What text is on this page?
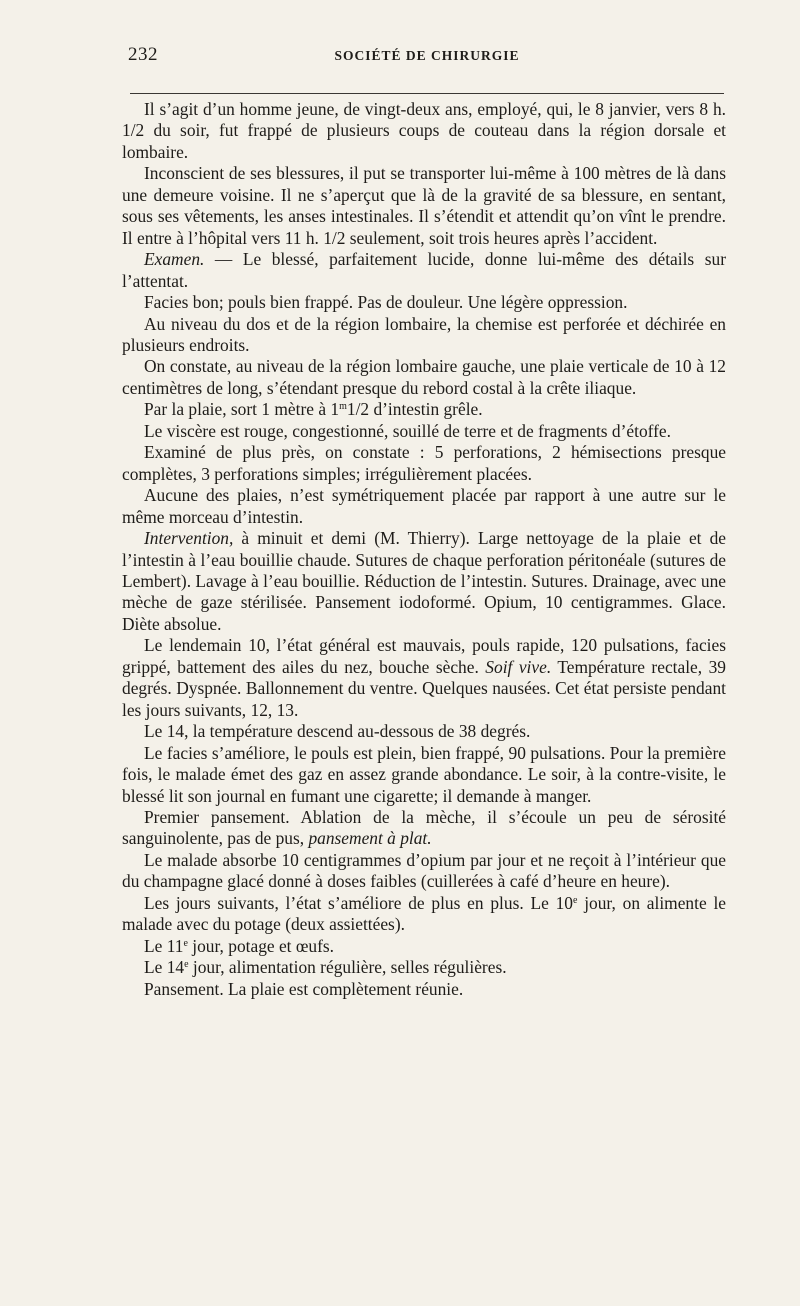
232	SOCIÉTÉ DE CHIRURGIE

Il s’agit d’un homme jeune, de vingt-deux ans, employé, qui, le 8 janvier, vers 8 h. 1/2 du soir, fut frappé de plusieurs coups de couteau dans la région dorsale et lombaire.

Inconscient de ses blessures, il put se transporter lui-même à 100 mètres de là dans une demeure voisine. Il ne s’aperçut que là de la gravité de sa blessure, en sentant, sous ses vêtements, les anses intestinales. Il s’étendit et attendit qu’on vînt le prendre. Il entre à l’hôpital vers 11 h. 1/2 seulement, soit trois heures après l’accident.

Examen. — Le blessé, parfaitement lucide, donne lui-même des détails sur l’attentat.

Facies bon; pouls bien frappé. Pas de douleur. Une légère oppression.

Au niveau du dos et de la région lombaire, la chemise est perforée et déchirée en plusieurs endroits.

On constate, au niveau de la région lombaire gauche, une plaie verticale de 10 à 12 centimètres de long, s’étendant presque du rebord costal à la crête iliaque.

Par la plaie, sort 1 mètre à 1$^m$1/2 d’intestin grêle.

Le viscère est rouge, congestionné, souillé de terre et de fragments d’étoffe.

Examiné de plus près, on constate : 5 perforations, 2 hémisections presque complètes, 3 perforations simples; irrégulièrement placées.

Aucune des plaies, n’est symétriquement placée par rapport à une autre sur le même morceau d’intestin.

Intervention, à minuit et demi (M. Thierry). Large nettoyage de la plaie et de l’intestin à l’eau bouillie chaude. Sutures de chaque perforation péritonéale (sutures de Lembert). Lavage à l’eau bouillie. Réduction de l’intestin. Sutures. Drainage, avec une mèche de gaze stérilisée. Pansement iodoformé. Opium, 10 centigrammes. Glace. Diète absolue.

Le lendemain 10, l’état général est mauvais, pouls rapide, 120 pulsations, facies grippé, battement des ailes du nez, bouche sèche. Soif vive. Température rectale, 39 degrés. Dyspnée. Ballonnement du ventre. Quelques nausées. Cet état persiste pendant les jours suivants, 12, 13.

Le 14, la température descend au-dessous de 38 degrés.

Le facies s’améliore, le pouls est plein, bien frappé, 90 pulsations. Pour la première fois, le malade émet des gaz en assez grande abondance. Le soir, à la contre-visite, le blessé lit son journal en fumant une cigarette; il demande à manger.

Premier pansement. Ablation de la mèche, il s’écoule un peu de sérosité sanguinolente, pas de pus, pansement à plat.

Le malade absorbe 10 centigrammes d’opium par jour et ne reçoit à l’intérieur que du champagne glacé donné à doses faibles (cuillerées à café d’heure en heure).

Les jours suivants, l’état s’améliore de plus en plus. Le 10e jour, on alimente le malade avec du potage (deux assiettées).

Le 11e jour, potage et œufs.

Le 14e jour, alimentation régulière, selles régulières.

Pansement. La plaie est complètement réunie.
